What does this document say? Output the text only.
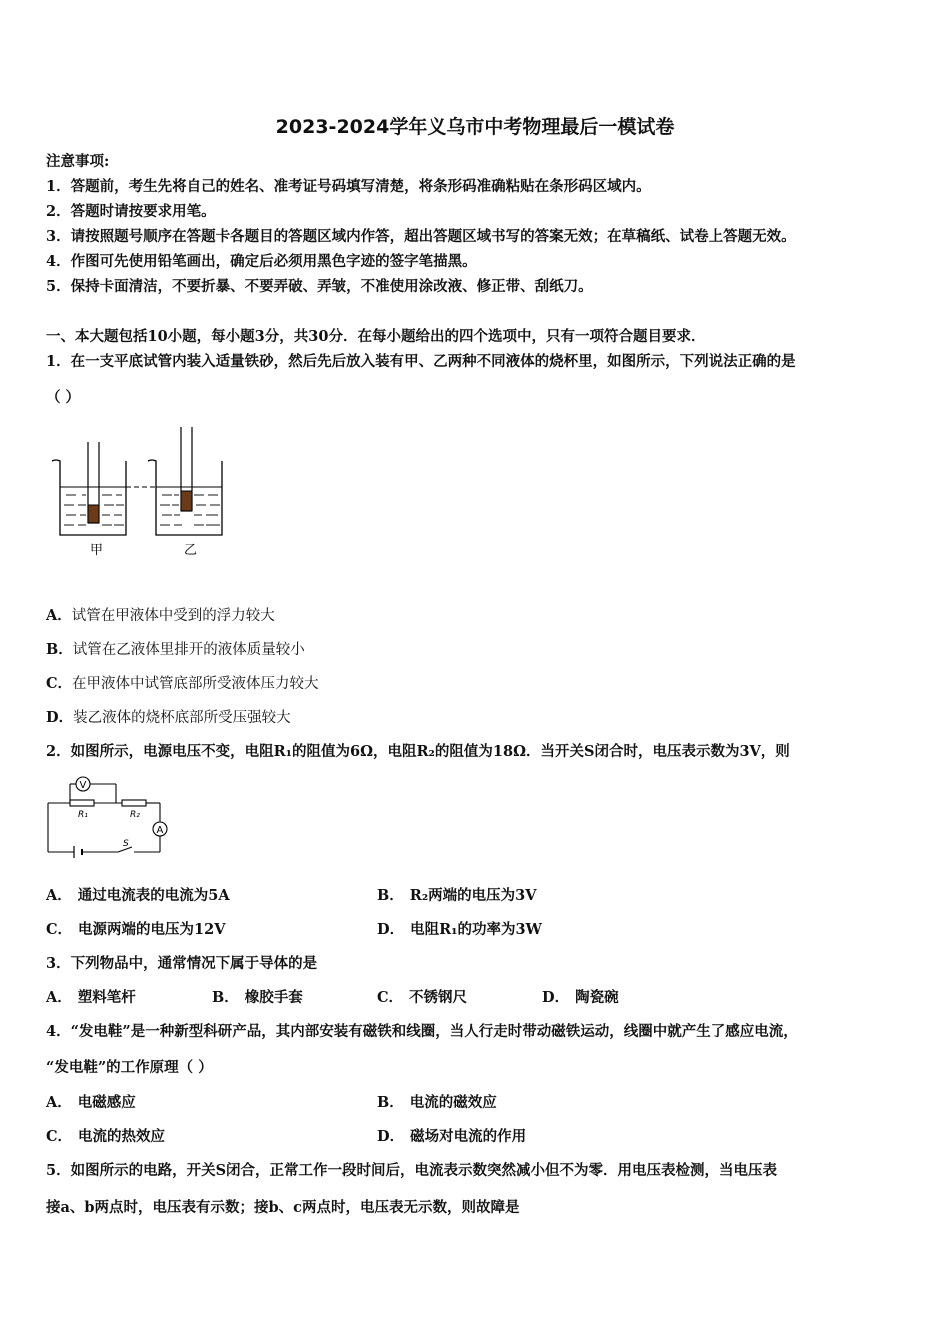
2023-2024学年义乌市中考物理最后一模试卷
注意事项:
1．答题前，考生先将自己的姓名、准考证号码填写清楚，将条形码准确粘贴在条形码区域内。
2．答题时请按要求用笔。
3．请按照题号顺序在答题卡各题目的答题区域内作答，超出答题区域书写的答案无效；在草稿纸、试卷上答题无效。
4．作图可先使用铅笔画出，确定后必须用黑色字迹的签字笔描黑。
5．保持卡面清洁，不要折暴、不要弄破、弄皱，不准使用涂改液、修正带、刮纸刀。
一、本大题包括10小题，每小题3分，共30分．在每小题给出的四个选项中，只有一项符合题目要求．
1．在一支平底试管内装入适量铁砂，然后先后放入装有甲、乙两种不同液体的烧杯里，如图所示，下列说法正确的是
（ ）
甲	乙
A．试管在甲液体中受到的浮力较大
B．试管在乙液体里排开的液体质量较小
C．在甲液体中试管底部所受液体压力较大
D．装乙液体的烧杯底部所受压强较大
2．如图所示，电源电压不变，电阻R₁的阻值为6Ω，电阻R₂的阻值为18Ω．当开关S闭合时，电压表示数为3V，则
V
A
R₁	R₂
S
A． 通过电流表的电流为5A	B． R₂两端的电压为3V
C． 电源两端的电压为12V	D． 电阻R₁的功率为3W
3．下列物品中，通常情况下属于导体的是
A． 塑料笔杆	B． 橡胶手套	C． 不锈钢尺	D． 陶瓷碗
4．“发电鞋”是一种新型科研产品，其内部安装有磁铁和线圈，当人行走时带动磁铁运动，线圈中就产生了感应电流，
“发电鞋”的工作原理（ ）
A． 电磁感应	B． 电流的磁效应
C． 电流的热效应	D． 磁场对电流的作用
5．如图所示的电路，开关S闭合，正常工作一段时间后，电流表示数突然减小但不为零．用电压表检测，当电压表
接a、b两点时，电压表有示数；接b、c两点时，电压表无示数，则故障是
